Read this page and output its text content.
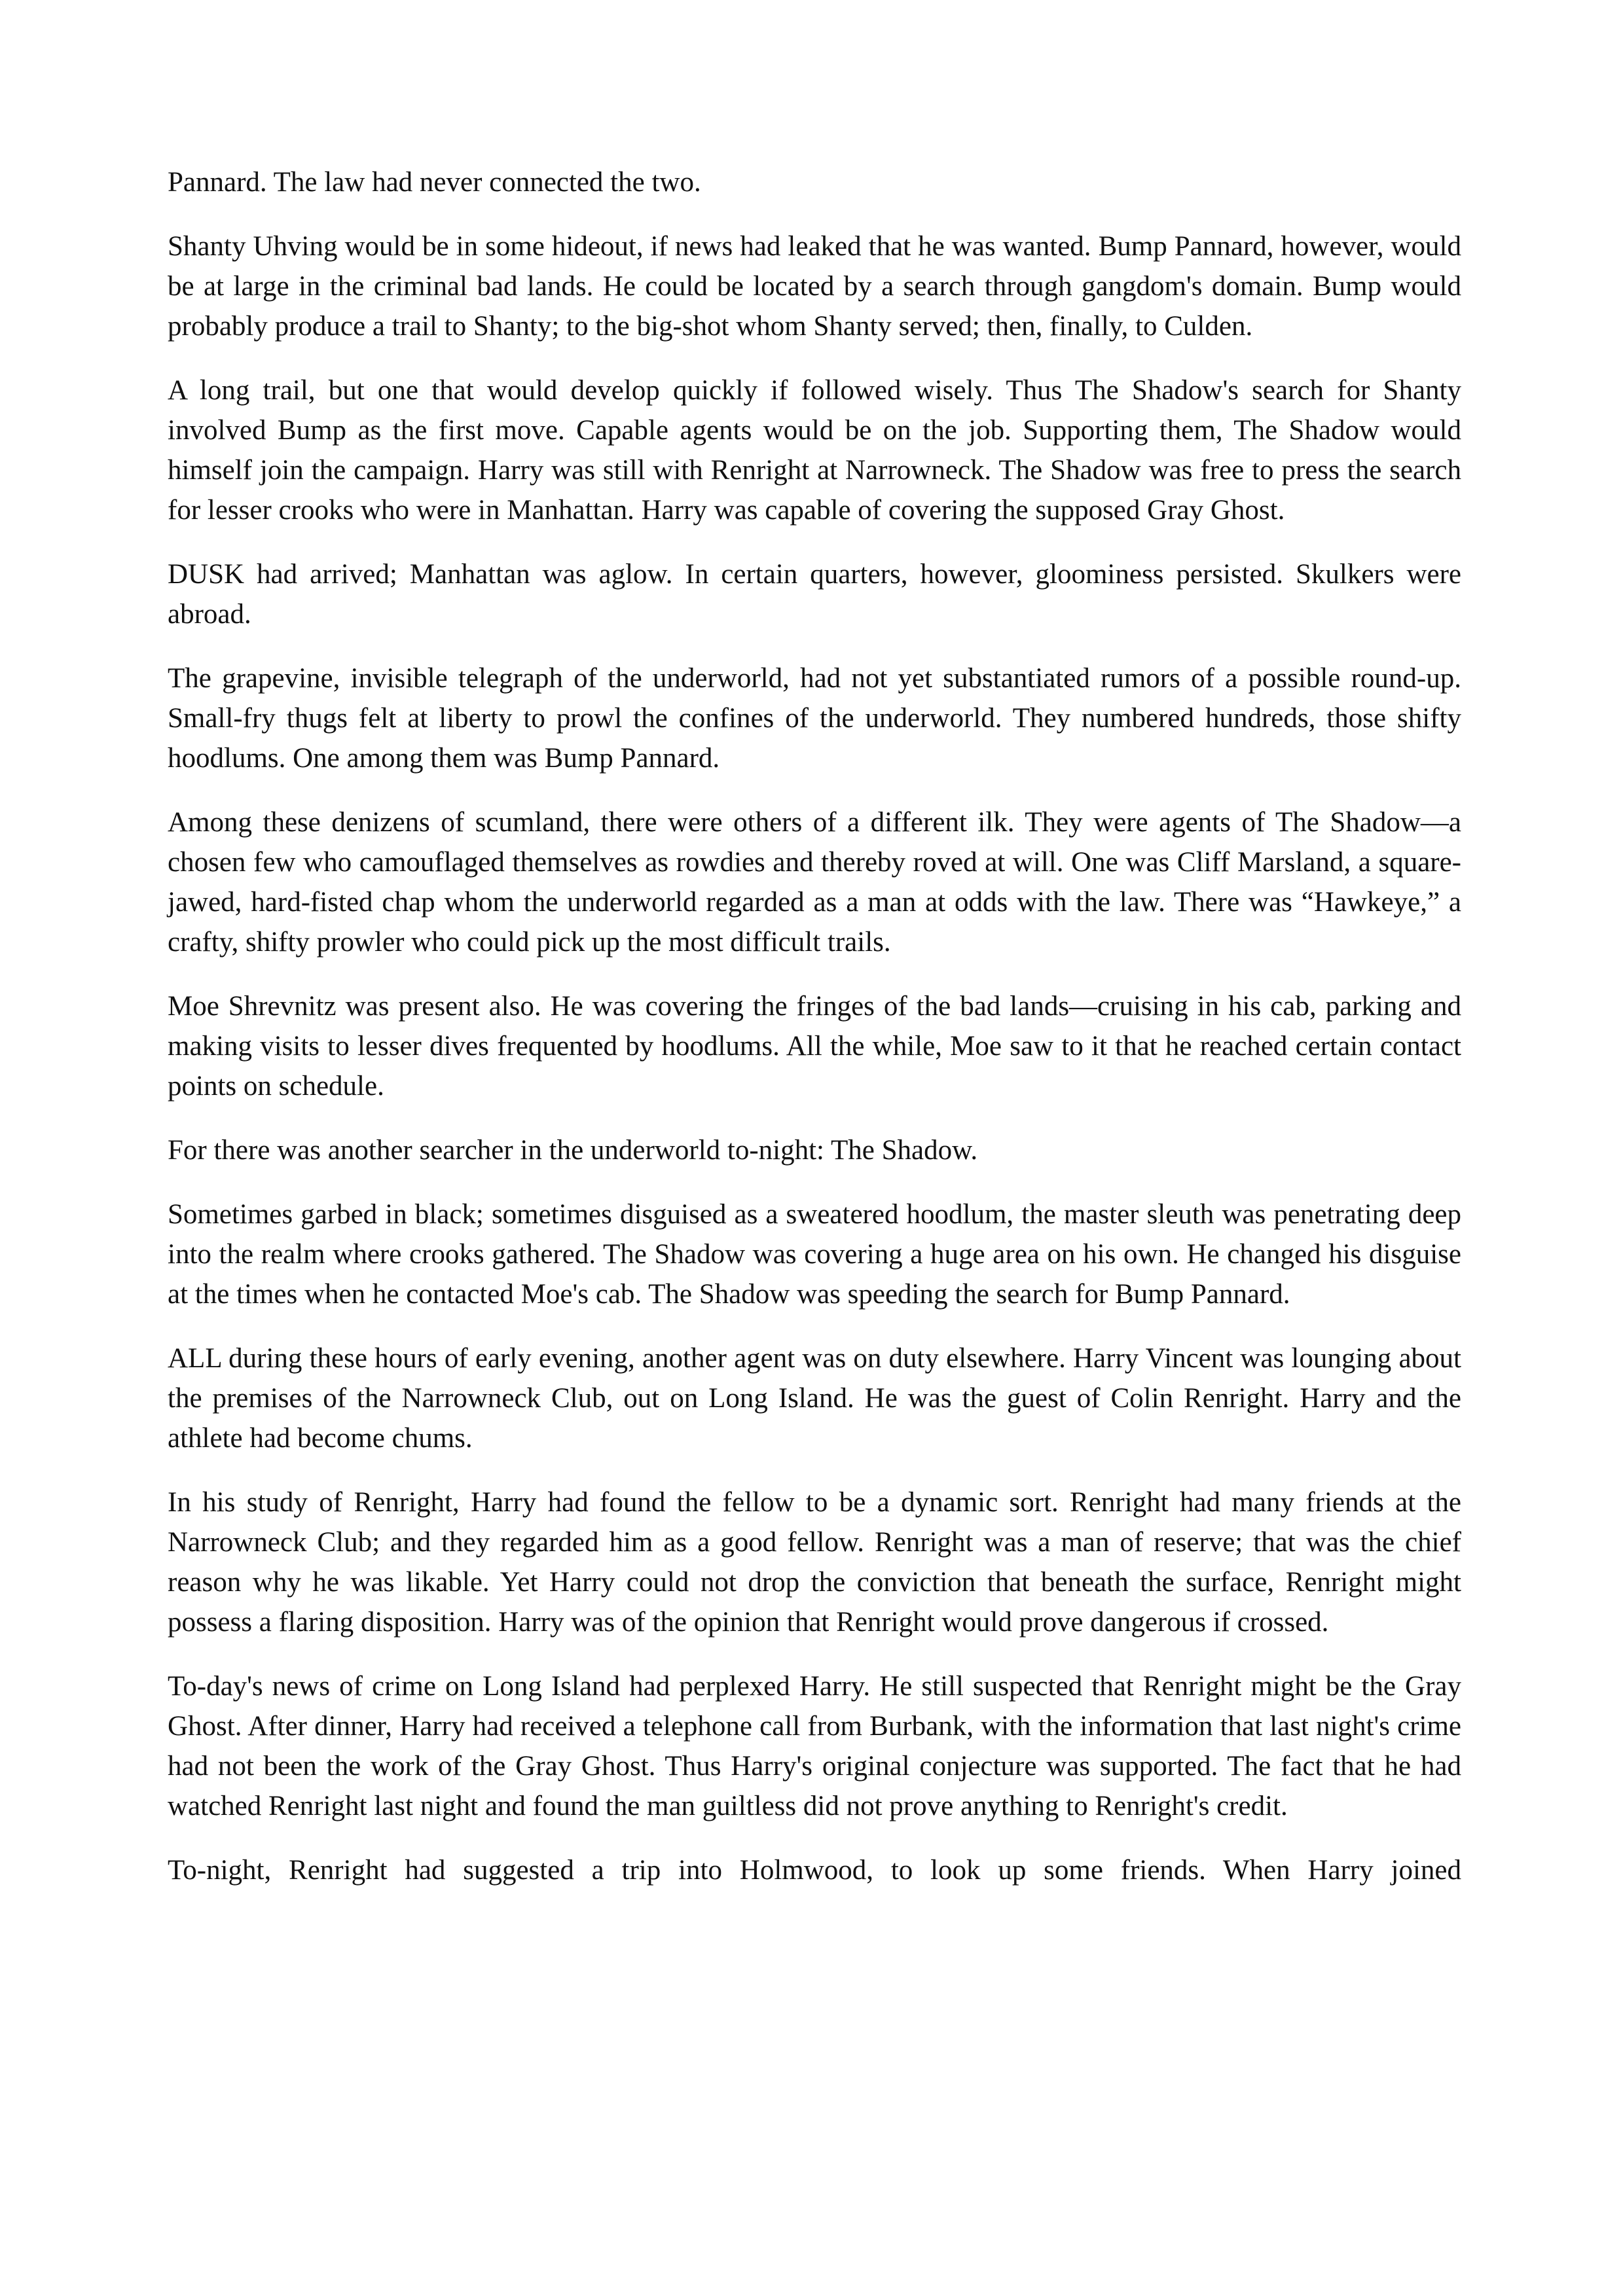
Pannard. The law had never connected the two.

Shanty Uhving would be in some hideout, if news had leaked that he was wanted. Bump Pannard, however, would be at large in the criminal bad lands. He could be located by a search through gangdom's domain. Bump would probably produce a trail to Shanty; to the big-shot whom Shanty served; then, finally, to Culden.

A long trail, but one that would develop quickly if followed wisely. Thus The Shadow's search for Shanty involved Bump as the first move. Capable agents would be on the job. Supporting them, The Shadow would himself join the campaign. Harry was still with Renright at Narrowneck. The Shadow was free to press the search for lesser crooks who were in Manhattan. Harry was capable of covering the supposed Gray Ghost.

DUSK had arrived; Manhattan was aglow. In certain quarters, however, gloominess persisted. Skulkers were abroad.

The grapevine, invisible telegraph of the underworld, had not yet substantiated rumors of a possible round-up. Small-fry thugs felt at liberty to prowl the confines of the underworld. They numbered hundreds, those shifty hoodlums. One among them was Bump Pannard.

Among these denizens of scumland, there were others of a different ilk. They were agents of The Shadow—a chosen few who camouflaged themselves as rowdies and thereby roved at will. One was Cliff Marsland, a square-jawed, hard-fisted chap whom the underworld regarded as a man at odds with the law. There was “Hawkeye,” a crafty, shifty prowler who could pick up the most difficult trails.

Moe Shrevnitz was present also. He was covering the fringes of the bad lands—cruising in his cab, parking and making visits to lesser dives frequented by hoodlums. All the while, Moe saw to it that he reached certain contact points on schedule.

For there was another searcher in the underworld to-night: The Shadow.

Sometimes garbed in black; sometimes disguised as a sweatered hoodlum, the master sleuth was penetrating deep into the realm where crooks gathered. The Shadow was covering a huge area on his own. He changed his disguise at the times when he contacted Moe's cab. The Shadow was speeding the search for Bump Pannard.

ALL during these hours of early evening, another agent was on duty elsewhere. Harry Vincent was lounging about the premises of the Narrowneck Club, out on Long Island. He was the guest of Colin Renright. Harry and the athlete had become chums.

In his study of Renright, Harry had found the fellow to be a dynamic sort. Renright had many friends at the Narrowneck Club; and they regarded him as a good fellow. Renright was a man of reserve; that was the chief reason why he was likable. Yet Harry could not drop the conviction that beneath the surface, Renright might possess a flaring disposition. Harry was of the opinion that Renright would prove dangerous if crossed.

To-day's news of crime on Long Island had perplexed Harry. He still suspected that Renright might be the Gray Ghost. After dinner, Harry had received a telephone call from Burbank, with the information that last night's crime had not been the work of the Gray Ghost. Thus Harry's original conjecture was supported. The fact that he had watched Renright last night and found the man guiltless did not prove anything to Renright's credit.

To-night, Renright had suggested a trip into Holmwood, to look up some friends. When Harry joined
